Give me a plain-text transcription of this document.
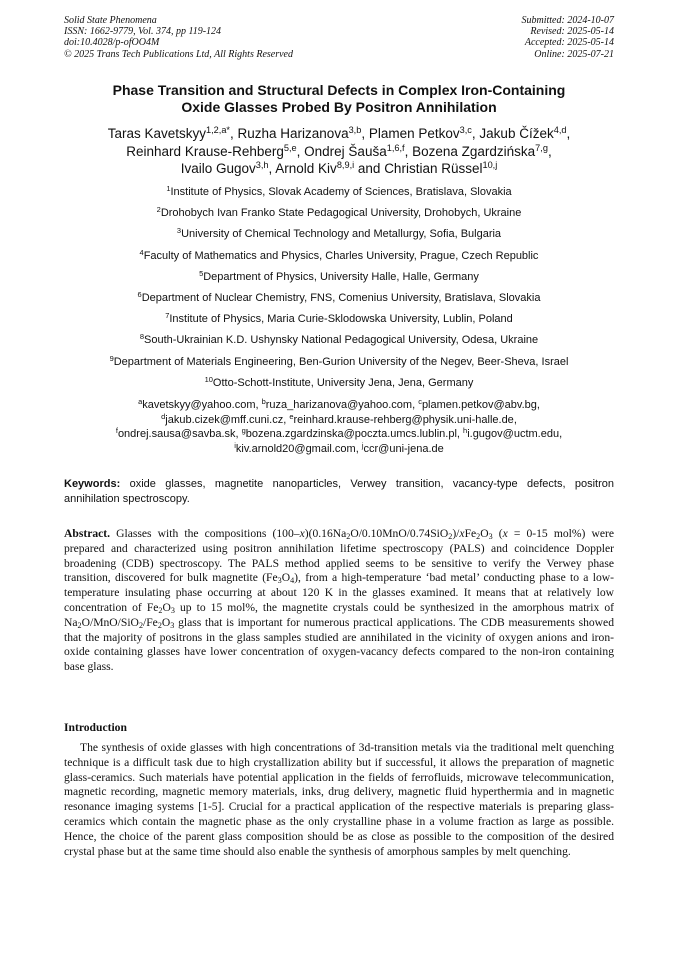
Solid State Phenomena
ISSN: 1662-9779, Vol. 374, pp 119-124
doi:10.4028/p-ofOO4M
© 2025 Trans Tech Publications Ltd, All Rights Reserved
Submitted: 2024-10-07
Revised: 2025-05-14
Accepted: 2025-05-14
Online: 2025-07-21
Phase Transition and Structural Defects in Complex Iron-Containing
Oxide Glasses Probed By Positron Annihilation
Taras Kavetskyy$^{1,2,a*}$, Ruzha Harizanova$^{3,b}$, Plamen Petkov$^{3,c}$, Jakub Čížek$^{4,d}$,
Reinhard Krause-Rehberg$^{5,e}$, Ondrej Šauša$^{1,6,f}$, Bozena Zgardzińska$^{7,g}$,
Ivailo Gugov$^{3,h}$, Arnold Kiv$^{8,9,i}$ and Christian Rüssel$^{10,j}$
$^1$Institute of Physics, Slovak Academy of Sciences, Bratislava, Slovakia
$^2$Drohobych Ivan Franko State Pedagogical University, Drohobych, Ukraine
$^3$University of Chemical Technology and Metallurgy, Sofia, Bulgaria
$^4$Faculty of Mathematics and Physics, Charles University, Prague, Czech Republic
$^5$Department of Physics, University Halle, Halle, Germany
$^6$Department of Nuclear Chemistry, FNS, Comenius University, Bratislava, Slovakia
$^7$Institute of Physics, Maria Curie-Sklodowska University, Lublin, Poland
$^8$South-Ukrainian K.D. Ushynsky National Pedagogical University, Odesa, Ukraine
$^9$Department of Materials Engineering, Ben-Gurion University of the Negev, Beer-Sheva, Israel
$^{10}$Otto-Schott-Institute, University Jena, Jena, Germany
$^a$kavetskyy@yahoo.com, $^b$ruza_harizanova@yahoo.com, $^c$plamen.petkov@abv.bg,
$^d$jakub.cizek@mff.cuni.cz, $^e$reinhard.krause-rehberg@physik.uni-halle.de,
$^f$ondrej.sausa@savba.sk, $^g$bozena.zgardzinska@poczta.umcs.lublin.pl, $^h$i.gugov@uctm.edu,
$^i$kiv.arnold20@gmail.com, $^j$ccr@uni-jena.de
Keywords: oxide glasses, magnetite nanoparticles, Verwey transition, vacancy-type defects, positron annihilation spectroscopy.
Abstract. Glasses with the compositions $(100-x)(0.16Na_2O/0.10MnO/0.74SiO_2)/xFe_2O_3$ (x = 0-15 mol%) were prepared and characterized using positron annihilation lifetime spectroscopy (PALS) and coincidence Doppler broadening (CDB) spectroscopy. The PALS method applied seems to be sensitive to verify the Verwey phase transition, discovered for bulk magnetite $(Fe_3O_4)$, from a high-temperature ‘bad metal’ conducting phase to a low-temperature insulating phase occurring at about 120 K in the glasses examined. It means that at relatively low concentration of $Fe_2O_3$ up to 15 mol%, the magnetite crystals could be synthesized in the amorphous matrix of $Na_2O/MnO/SiO_2/Fe_2O_3$ glass that is important for numerous practical applications. The CDB measurements showed that the majority of positrons in the glass samples studied are annihilated in the vicinity of oxygen anions and iron-oxide containing glasses have lower concentration of oxygen-vacancy defects compared to the non-iron containing base glass.
Introduction
The synthesis of oxide glasses with high concentrations of 3d-transition metals via the traditional melt quenching technique is a difficult task due to high crystallization ability but if successful, it allows the preparation of magnetic glass-ceramics. Such materials have potential application in the fields of ferrofluids, microwave telecommunication, magnetic recording, magnetic memory materials, inks, drug delivery, magnetic fluid hyperthermia and in magnetic resonance imaging systems [1-5]. Crucial for a practical application of the respective materials is preparing glass-ceramics which contain the magnetic phase as the only crystalline phase in a volume fraction as large as possible. Hence, the choice of the parent glass composition should be as close as possible to the composition of the desired crystal phase but at the same time should also enable the synthesis of amorphous samples by melt quenching.
